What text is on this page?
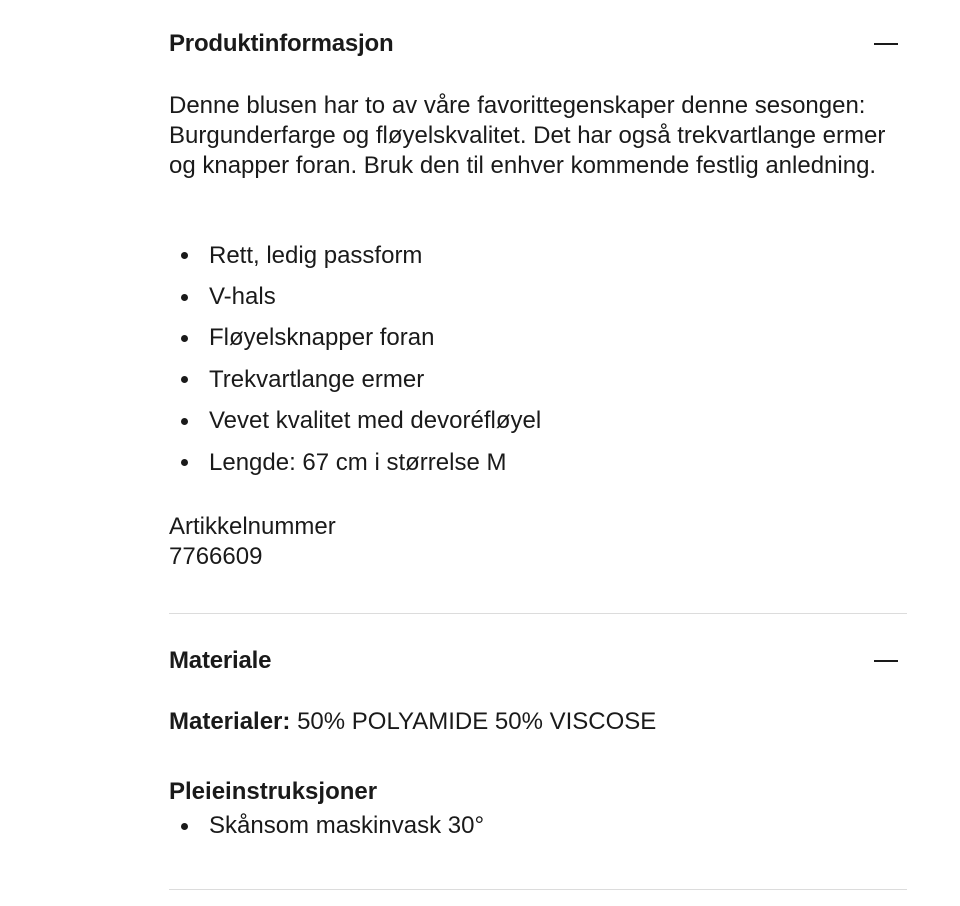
Produktinformasjon

Denne blusen har to av våre favorittegenskaper denne sesongen: Burgunderfarge og fløyelskvalitet. Det har også trekvartlange ermer og knapper foran. Bruk den til enhver kommende festlig anledning.

Rett, ledig passform
V-hals
Fløyelsknapper foran
Trekvartlange ermer
Vevet kvalitet med devoréfløyel
Lengde: 67 cm i størrelse M
Artikkelnummer
7766609
Materiale
Materialer: 50% POLYAMIDE 50% VISCOSE
Pleieinstruksjoner
Skånsom maskinvask 30°
